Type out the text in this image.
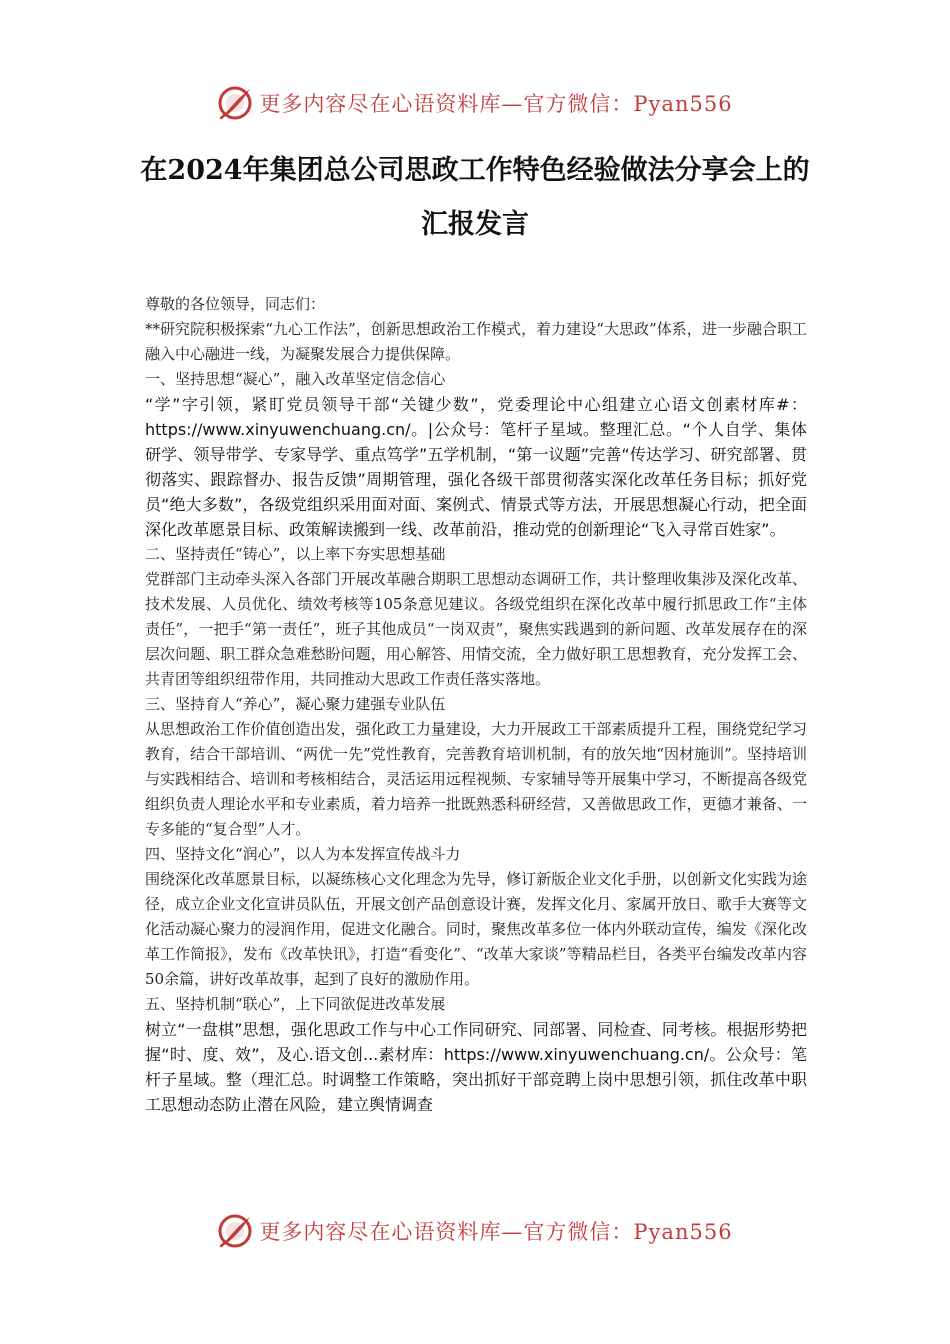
更多内容尽在心语资料库—官方微信：Pyan556
在2024年集团总公司思政工作特色经验做法分享会上的汇报发言

尊敬的各位领导，同志们：

**研究院积极探索“九心工作法”，创新思想政治工作模式，着力建设“大思政”体系，进一步融合职工融入中心融进一线，为凝聚发展合力提供保障。

一、坚持思想“凝心”，融入改革坚定信念信心

“学”字引领，紧盯党员领导干部“关键少数”，党委理论中心组建立心语文创素材库#：https://www.xinyuwenchuang.cn/。|公众号：笔杆子星域。整理汇总。“个人自学、集体研学、领导带学、专家导学、重点笃学”五学机制，“第一议题”完善“传达学习、研究部署、贯彻落实、跟踪督办、报告反馈”周期管理，强化各级干部贯彻落实深化改革任务目标；抓好党员“绝大多数”，各级党组织采用面对面、案例式、情景式等方法，开展思想凝心行动，把全面深化改革愿景目标、政策解读搬到一线、改革前沿，推动党的创新理论“飞入寻常百姓家”。

二、坚持责任“铸心”，以上率下夯实思想基础

党群部门主动牵头深入各部门开展改革融合期职工思想动态调研工作，共计整理收集涉及深化改革、技术发展、人员优化、绩效考核等105条意见建议。各级党组织在深化改革中履行抓思政工作“主体责任”，一把手“第一责任”，班子其他成员“一岗双责”，聚焦实践遇到的新问题、改革发展存在的深层次问题、职工群众急难愁盼问题，用心解答、用情交流，全力做好职工思想教育，充分发挥工会、共青团等组织纽带作用，共同推动大思政工作责任落实落地。

三、坚持育人“养心”，凝心聚力建强专业队伍

从思想政治工作价值创造出发，强化政工力量建设，大力开展政工干部素质提升工程，围绕党纪学习教育，结合干部培训、“两优一先”党性教育，完善教育培训机制，有的放矢地“因材施训”。坚持培训与实践相结合、培训和考核相结合，灵活运用远程视频、专家辅导等开展集中学习，不断提高各级党组织负责人理论水平和专业素质，着力培养一批既熟悉科研经营，又善做思政工作，更德才兼备、一专多能的“复合型”人才。

四、坚持文化“润心”，以人为本发挥宣传战斗力

围绕深化改革愿景目标，以凝练核心文化理念为先导，修订新版企业文化手册，以创新文化实践为途径，成立企业文化宣讲员队伍，开展文创产品创意设计赛，发挥文化月、家属开放日、歌手大赛等文化活动凝心聚力的浸润作用，促进文化融合。同时，聚焦改革多位一体内外联动宣传，编发《深化改革工作简报》，发布《改革快讯》，打造“看变化”、“改革大家谈”等精品栏目，各类平台编发改革内容50余篇，讲好改革故事，起到了良好的激励作用。

五、坚持机制“联心”，上下同欲促进改革发展

树立“一盘棋”思想，强化思政工作与中心工作同研究、同部署、同检查、同考核。根据形势把握“时、度、效”，及心.语文创...素材库：https://www.xinyuwenchuang.cn/。公众号：笔杆子星域。整（理汇总。时调整工作策略，突出抓好干部竞聘上岗中思想引领，抓住改革中职工思想动态防止潜在风险，建立舆情调查

更多内容尽在心语资料库—官方微信：Pyan556
